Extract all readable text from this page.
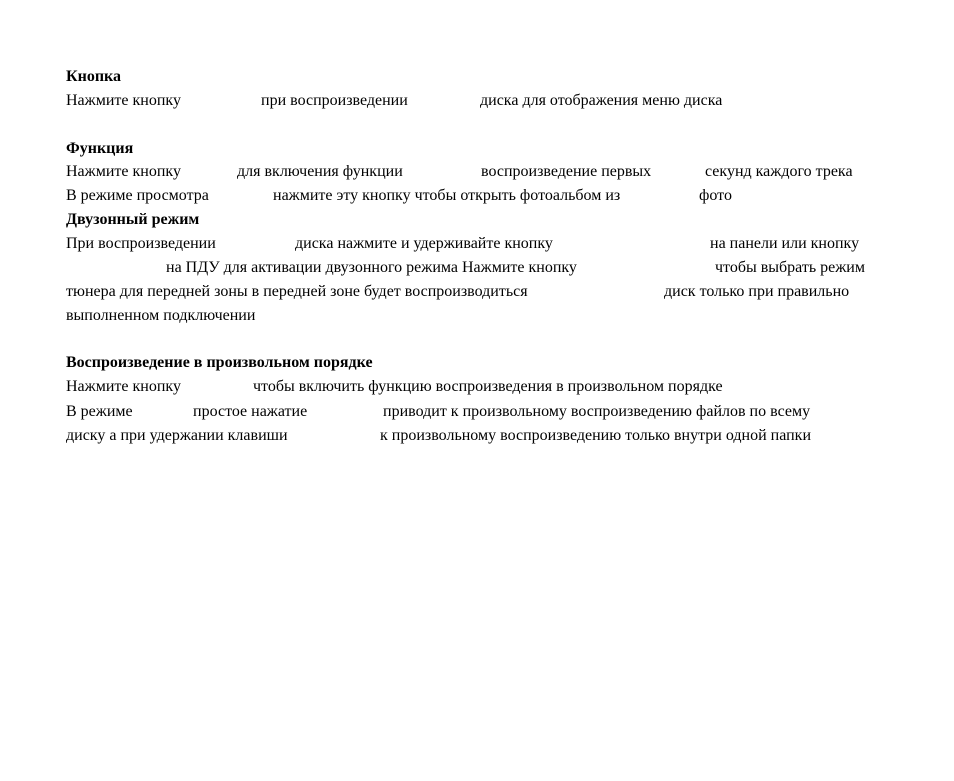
Кнопка
Нажмите кнопку	при воспроизведении	диска для отображения меню диска
Функция
Нажмите кнопку	для включения функции	воспроизведение первых	секунд каждого трека
В режиме просмотра	нажмите эту кнопку чтобы открыть фотоальбом из	фото
Двузонный режим
При воспроизведении	диска нажмите и удерживайте кнопку	на панели или кнопку
на ПДУ для активации двузонного режима Нажмите кнопку	чтобы выбрать режим
тюнера для передней зоны в передней зоне будет воспроизводиться	диск только при правильно
выполненном подключении
Воспроизведение в произвольном порядке
Нажмите кнопку	чтобы включить функцию воспроизведения в произвольном порядке
В режиме	простое нажатие	приводит к произвольному воспроизведению файлов по всему
диску а при удержании клавиши	к произвольному воспроизведению только внутри одной папки
